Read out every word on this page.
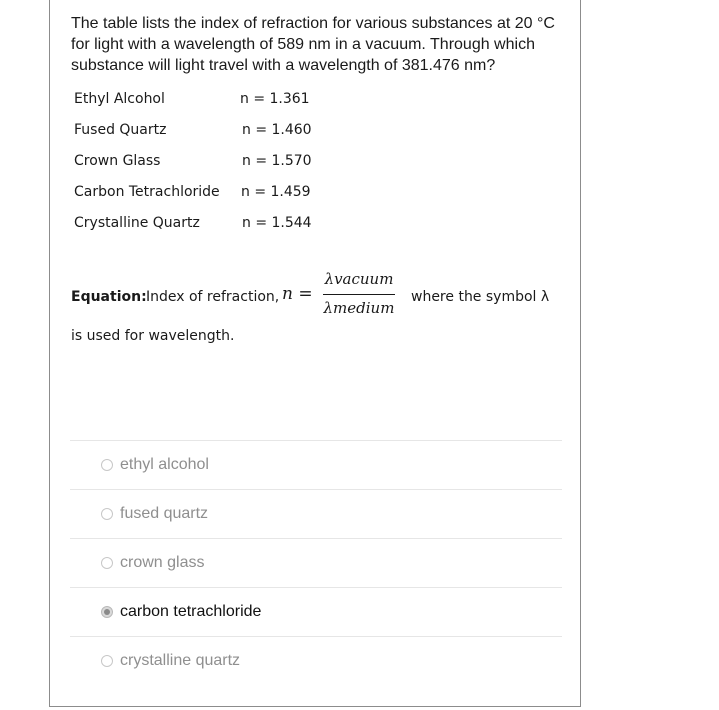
The table lists the index of refraction for various substances at 20 °C for light with a wavelength of 589 nm in a vacuum. Through which substance will light travel with a wavelength of 381.476 nm?
Ethyl Alcohol	n = 1.361
Fused Quartz	n = 1.460
Crown Glass	n = 1.570
Carbon Tetrachloride n = 1.459
Crystalline Quartz	n = 1.544
Equation: Index of refraction, n =
λvacuum
λmedium
where the symbol λ
is used for wavelength.
ethyl alcohol
fused quartz
crown glass
carbon tetrachloride
crystalline quartz
